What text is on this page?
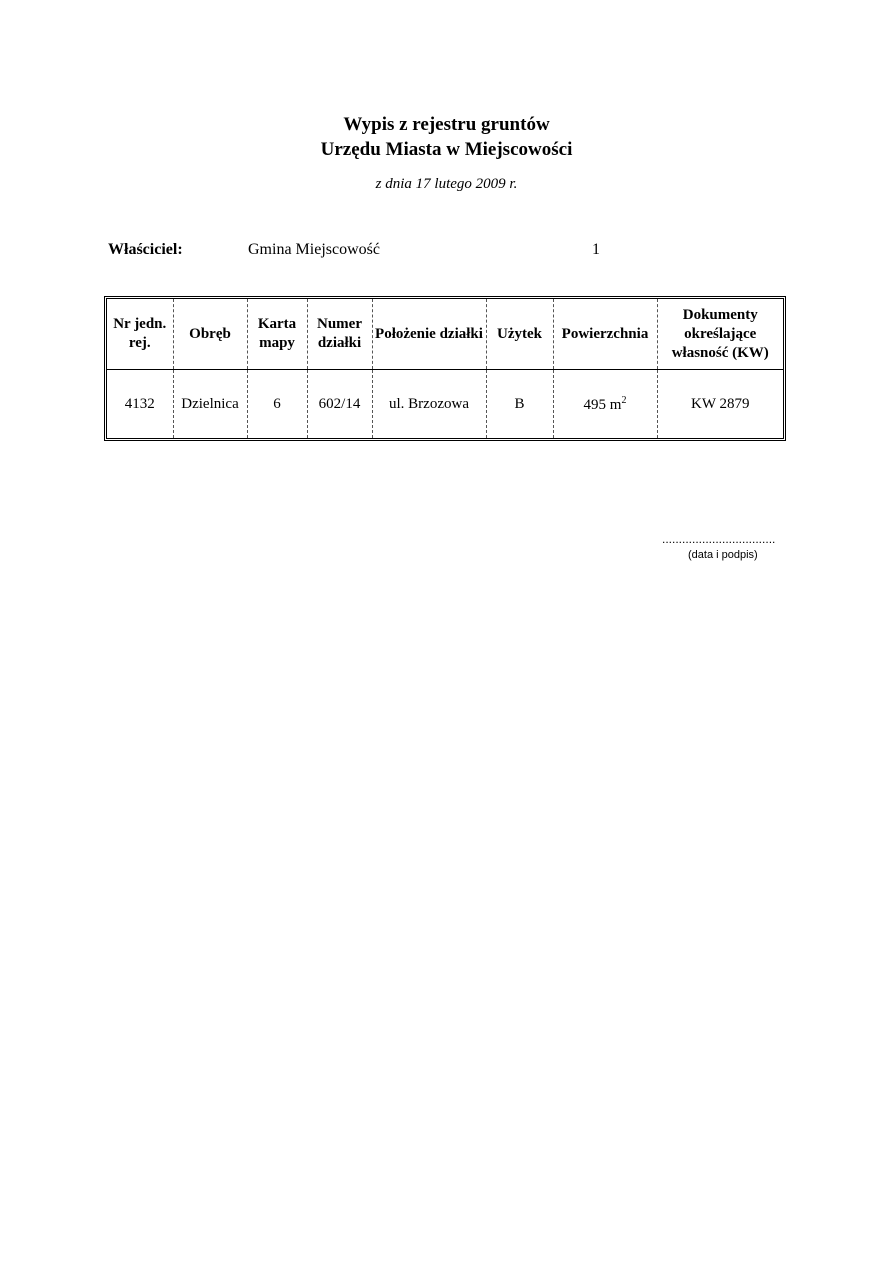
Wypis z rejestru gruntów
Urzędu Miasta w Miejscowości
z dnia 17 lutego 2009 r.
Właściciel:	Gmina Miejscowość	1
Nr jedn. rej.	Obręb	Karta mapy	Numer działki	Położenie działki	Użytek	Powierzchnia	Dokumenty określające własność (KW)
4132	Dzielnica	6	602/14	ul. Brzozowa	B	495 $m^2$	KW 2879
..................................
(data i podpis)
